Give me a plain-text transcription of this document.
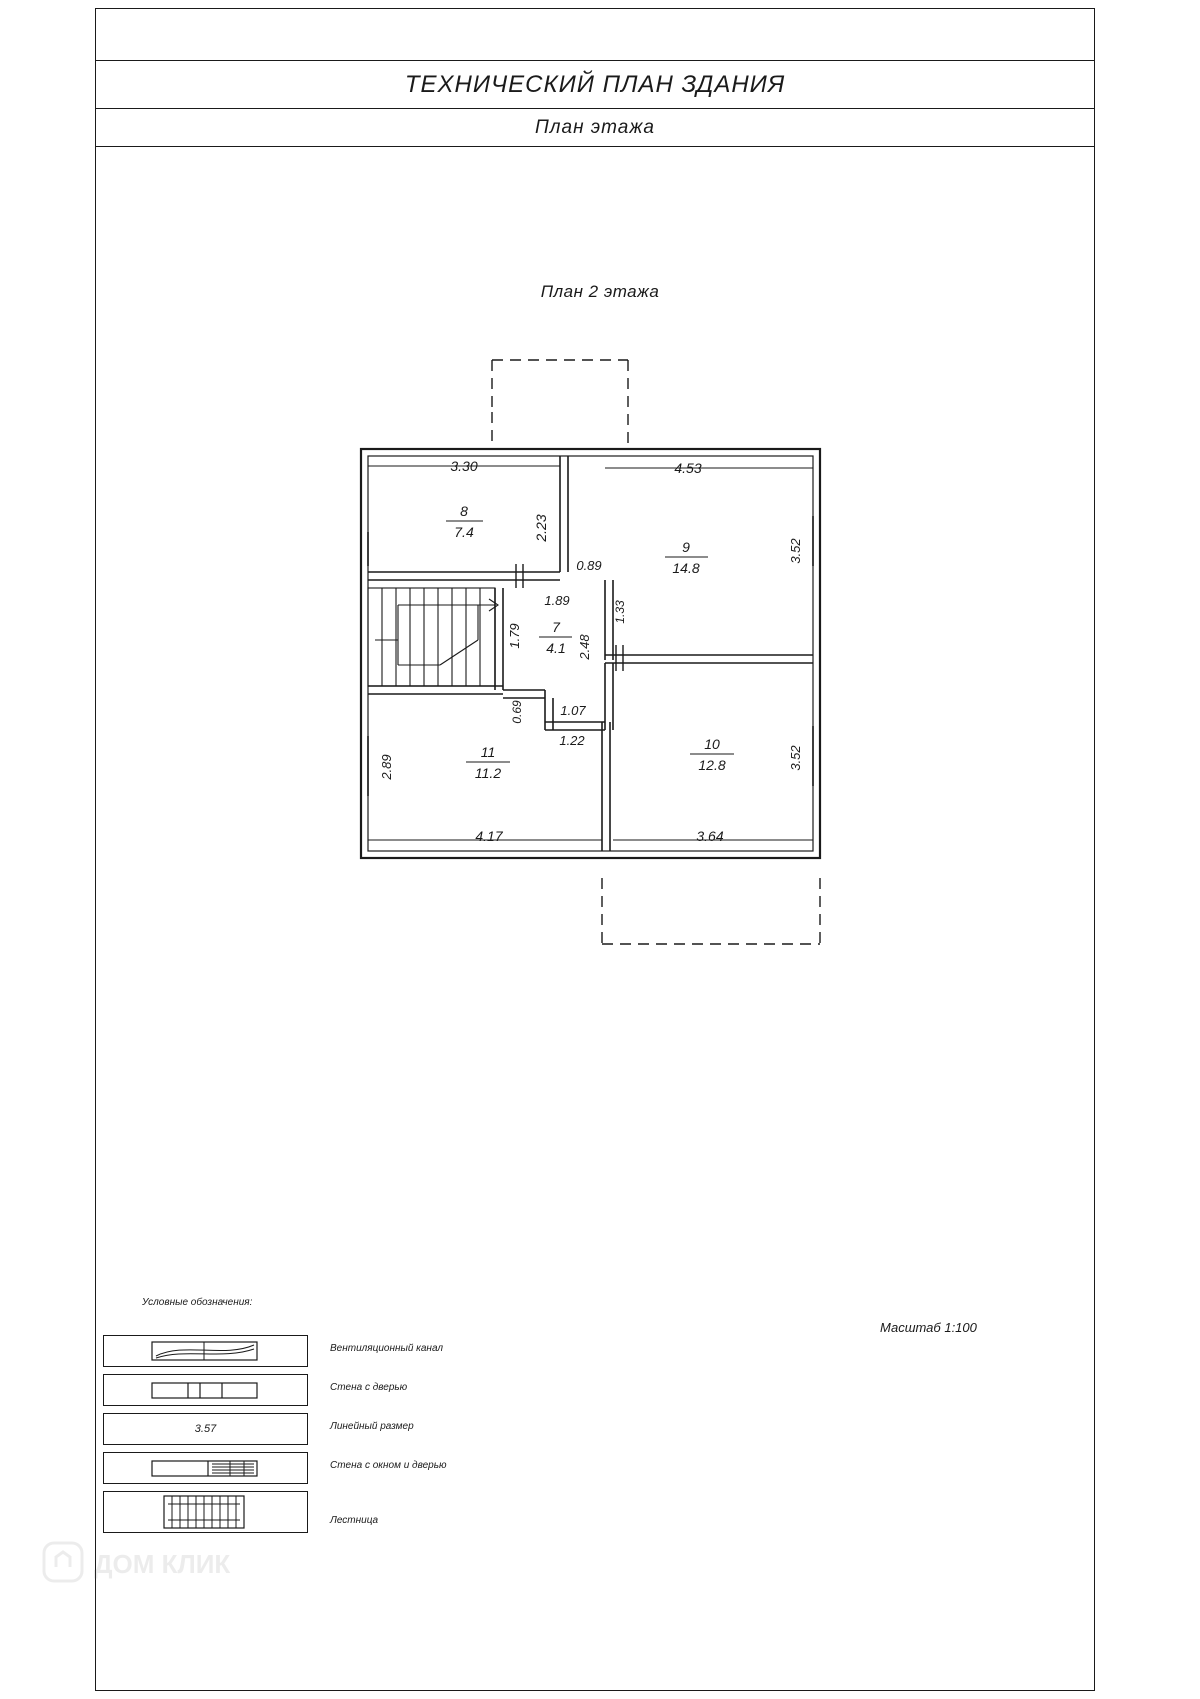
ТЕХНИЧЕСКИЙ ПЛАН ЗДАНИЯ
План этажа
План 2 этажа
3.30
8
7.4	2.23
4.53
9
14.8
3.52
0.89
1.89
7
4.1
1.79	2.48
1.33
0.69	1.07
1.22
11
11.2
2.89
4.17
10
12.8	3.52
3.64
Условные обозначения:
Вентиляционный канал
Стена с дверью
3.57	Линейный размер
Стена с окном и дверью
Лестница
Масштаб 1:100
ДОМ КЛИК
